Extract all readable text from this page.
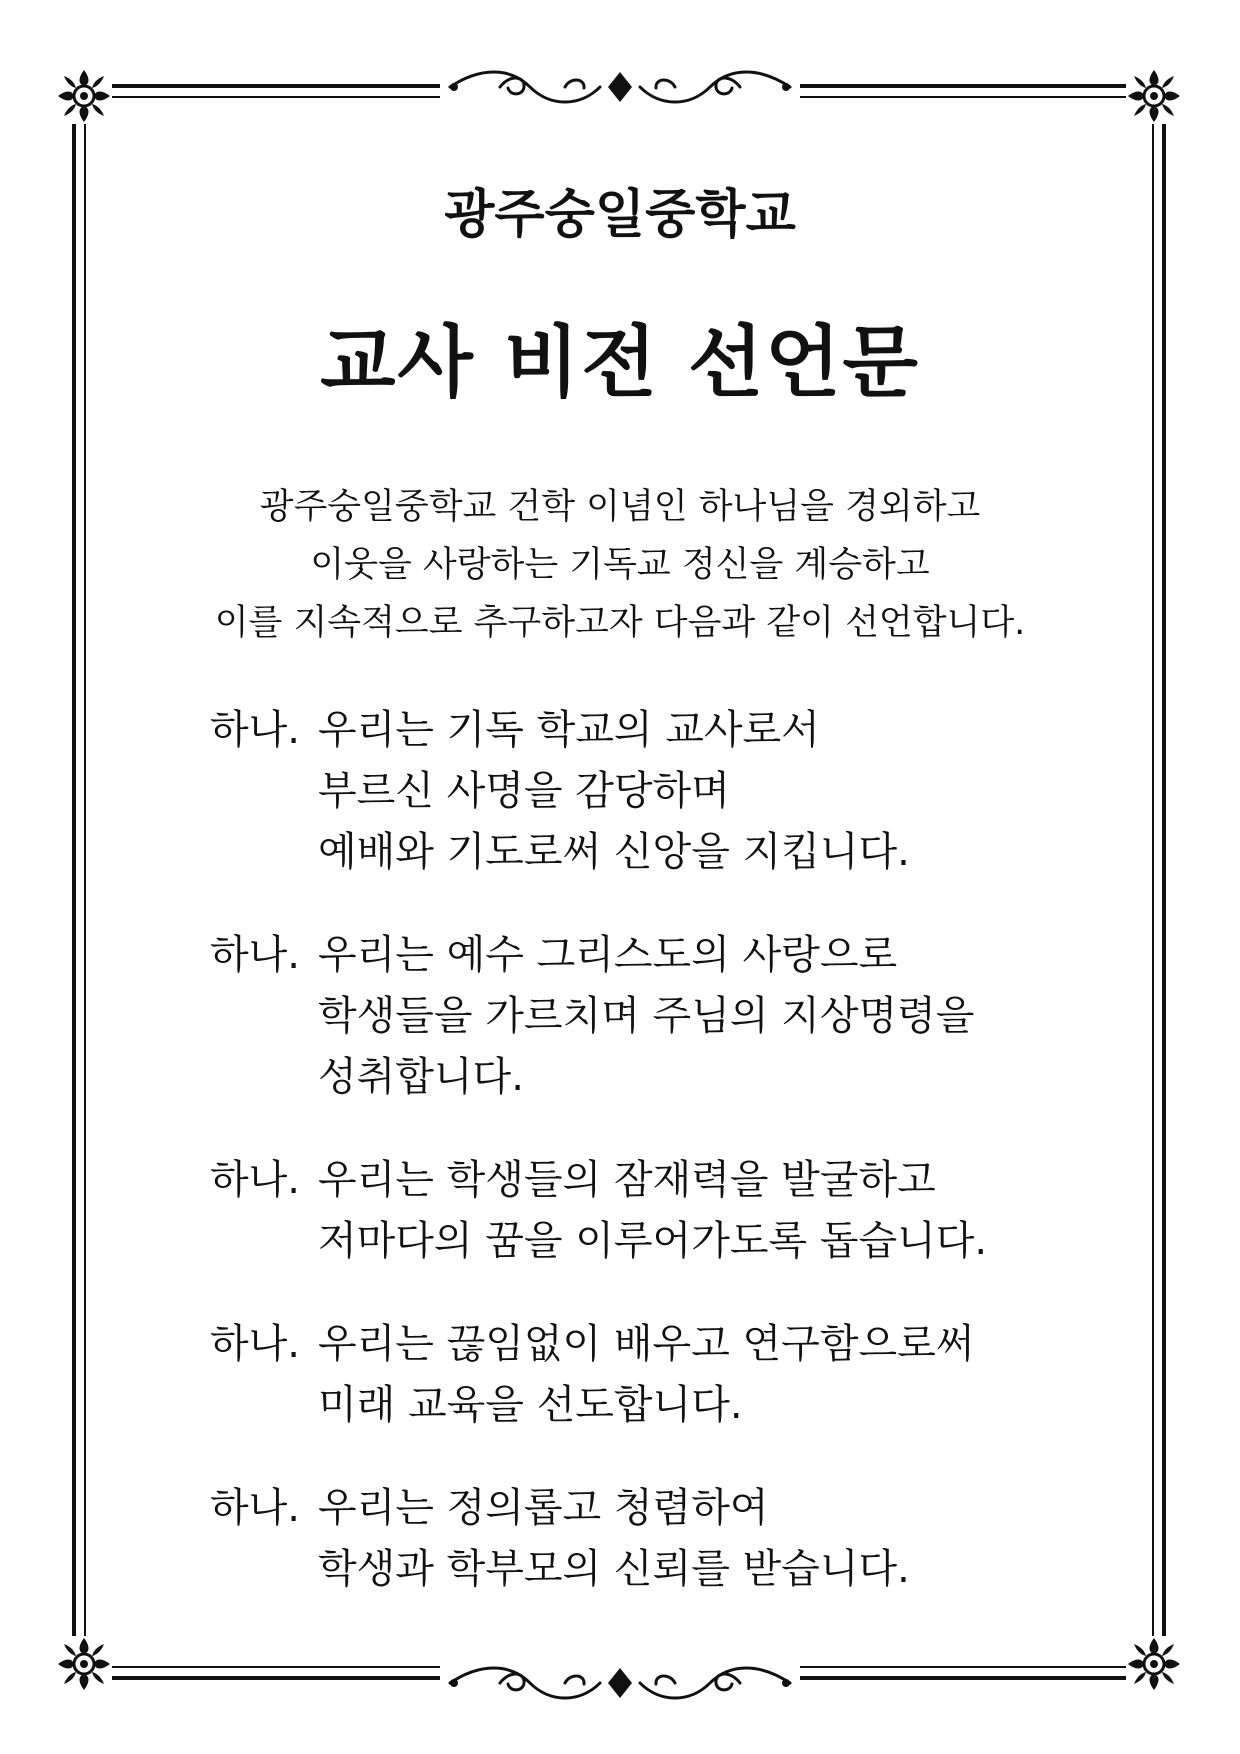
광주숭일중학교
교사 비전 선언문
광주숭일중학교 건학 이념인 하나님을 경외하고
이웃을 사랑하는 기독교 정신을 계승하고
이를 지속적으로 추구하고자 다음과 같이 선언합니다.
하나. 우리는 기독 학교의 교사로서
부르신 사명을 감당하며
예배와 기도로써 신앙을 지킵니다.
하나. 우리는 예수 그리스도의 사랑으로
학생들을 가르치며 주님의 지상명령을
성취합니다.
하나. 우리는 학생들의 잠재력을 발굴하고
저마다의 꿈을 이루어가도록 돕습니다.
하나. 우리는 끊임없이 배우고 연구함으로써
미래 교육을 선도합니다.
하나. 우리는 정의롭고 청렴하여
학생과 학부모의 신뢰를 받습니다.
